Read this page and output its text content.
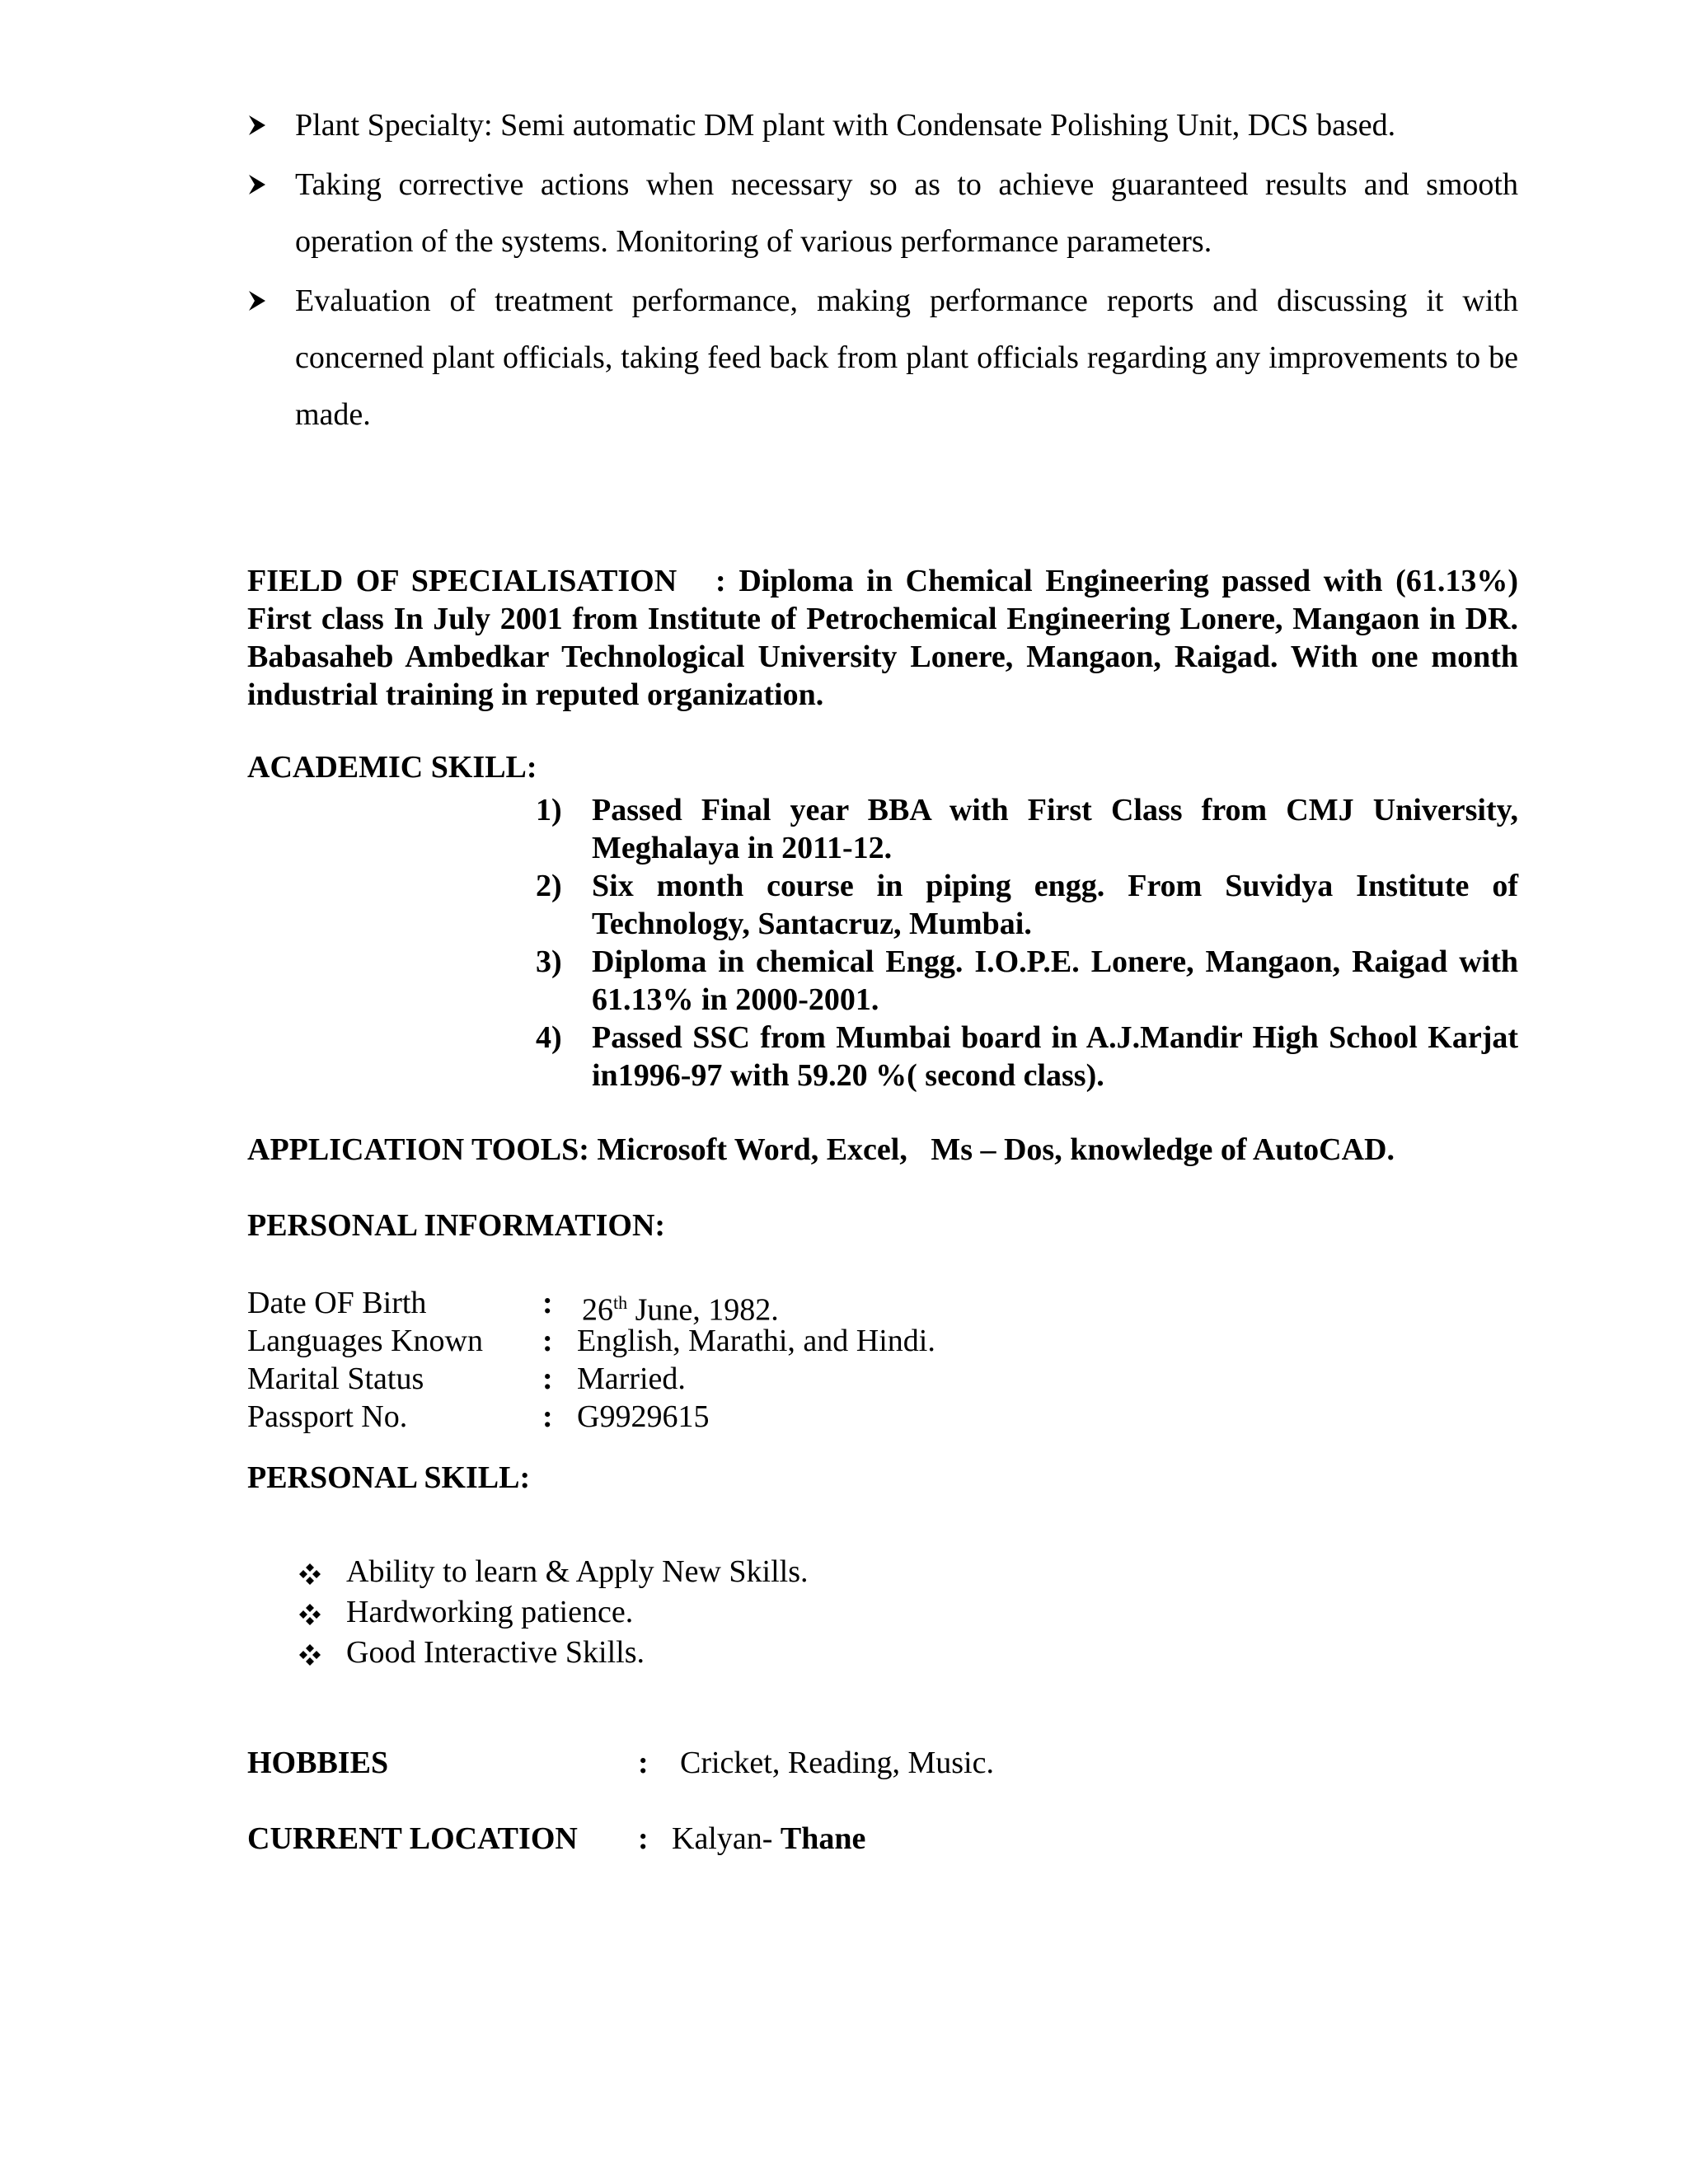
Plant Specialty: Semi automatic DM plant with Condensate Polishing Unit, DCS based.
Taking corrective actions when necessary so as to achieve guaranteed results and smooth operation of the systems. Monitoring of various performance parameters.
Evaluation of treatment performance, making performance reports and discussing it with concerned plant officials, taking feed back from plant officials regarding any improvements to be made.
FIELD OF SPECIALISATION : Diploma in Chemical Engineering passed with (61.13%) First class In July 2001 from Institute of Petrochemical Engineering Lonere, Mangaon in DR. Babasaheb Ambedkar Technological University Lonere, Mangaon, Raigad. With one month industrial training in reputed organization.
ACADEMIC SKILL:
1) Passed Final year BBA with First Class from CMJ University, Meghalaya in 2011-12.
2) Six month course in piping engg. From Suvidya Institute of Technology, Santacruz, Mumbai.
3) Diploma in chemical Engg. I.O.P.E. Lonere, Mangaon, Raigad with 61.13% in 2000-2001.
4) Passed SSC from Mumbai board in A.J.Mandir High School Karjat in1996-97 with 59.20 %( second class).
APPLICATION TOOLS: Microsoft Word, Excel,   Ms – Dos, knowledge of AutoCAD.
PERSONAL INFORMATION:
Date OF Birth	: 26th June, 1982.
Languages Known : English, Marathi, and Hindi.
Marital Status	: Married.
Passport No.	: G9929615
PERSONAL SKILL:
Ability to learn & Apply New Skills.
Hardworking patience.
Good Interactive Skills.
HOBBIES	: Cricket, Reading, Music.
CURRENT LOCATION : Kalyan- Thane
